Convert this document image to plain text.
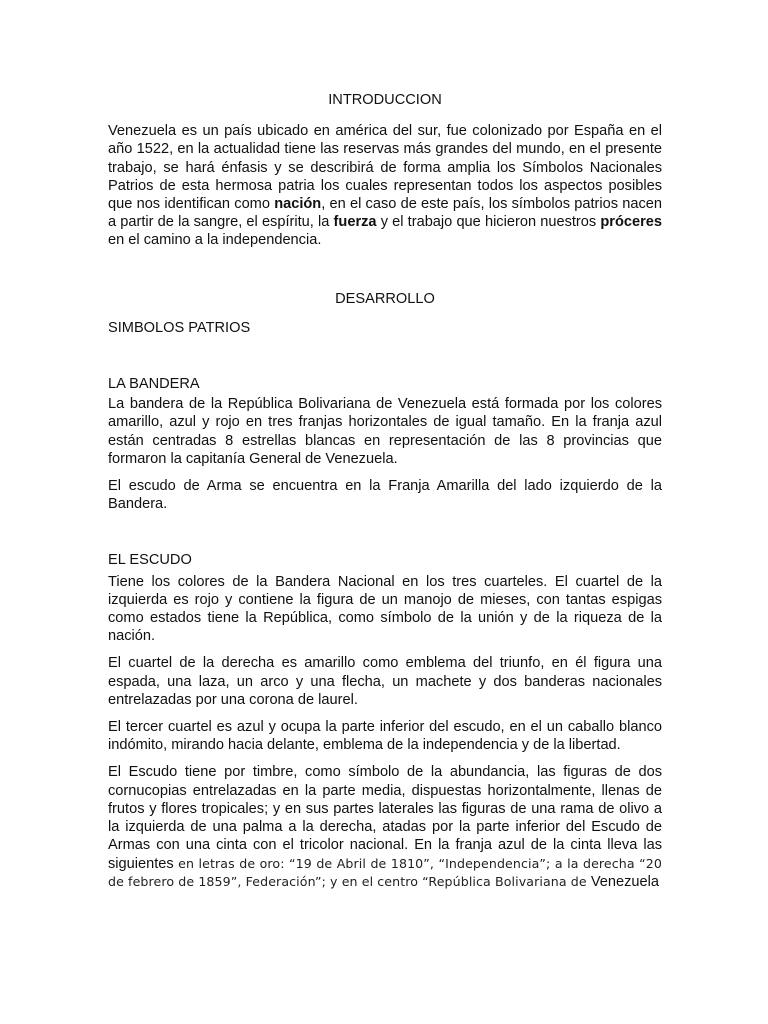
INTRODUCCION

Venezuela es un país ubicado en américa del sur, fue colonizado por España en el año 1522, en la actualidad tiene las reservas más grandes del mundo, en el presente trabajo, se hará énfasis y se describirá de forma amplia los Símbolos Nacionales Patrios de esta hermosa patria los cuales representan todos los aspectos posibles que nos identifican como nación, en el caso de este país, los símbolos patrios nacen a partir de la sangre, el espíritu, la fuerza y el trabajo que hicieron nuestros próceres en el camino a la independencia.

DESARROLLO
SIMBOLOS PATRIOS
LA BANDERA

La bandera de la República Bolivariana de Venezuela está formada por los colores amarillo, azul y rojo en tres franjas horizontales de igual tamaño. En la franja azul están centradas 8 estrellas blancas en representación de las 8 provincias que formaron la capitanía General de Venezuela.

El escudo de Arma se encuentra en la Franja Amarilla del lado izquierdo de la Bandera.

EL ESCUDO

Tiene los colores de la Bandera Nacional en los tres cuarteles. El cuartel de la izquierda es rojo y contiene la figura de un manojo de mieses, con tantas espigas como estados tiene la República, como símbolo de la unión y de la riqueza de la nación.

El cuartel de la derecha es amarillo como emblema del triunfo, en él figura una espada, una laza, un arco y una flecha, un machete y dos banderas nacionales entrelazadas por una corona de laurel.

El tercer cuartel es azul y ocupa la parte inferior del escudo, en el un caballo blanco indómito, mirando hacia delante, emblema de la independencia y de la libertad.

El Escudo tiene por timbre, como símbolo de la abundancia, las figuras de dos cornucopias entrelazadas en la parte media, dispuestas horizontalmente, llenas de frutos y flores tropicales; y en sus partes laterales las figuras de una rama de olivo a la izquierda de una palma a la derecha, atadas por la parte inferior del Escudo de Armas con una cinta con el tricolor nacional. En la franja azul de la cinta lleva las siguientes en letras de oro: “19 de Abril de 1810”, “Independencia”; a la derecha “20 de febrero de 1859”, Federación”; y en el centro “República Bolivariana de Venezuela
